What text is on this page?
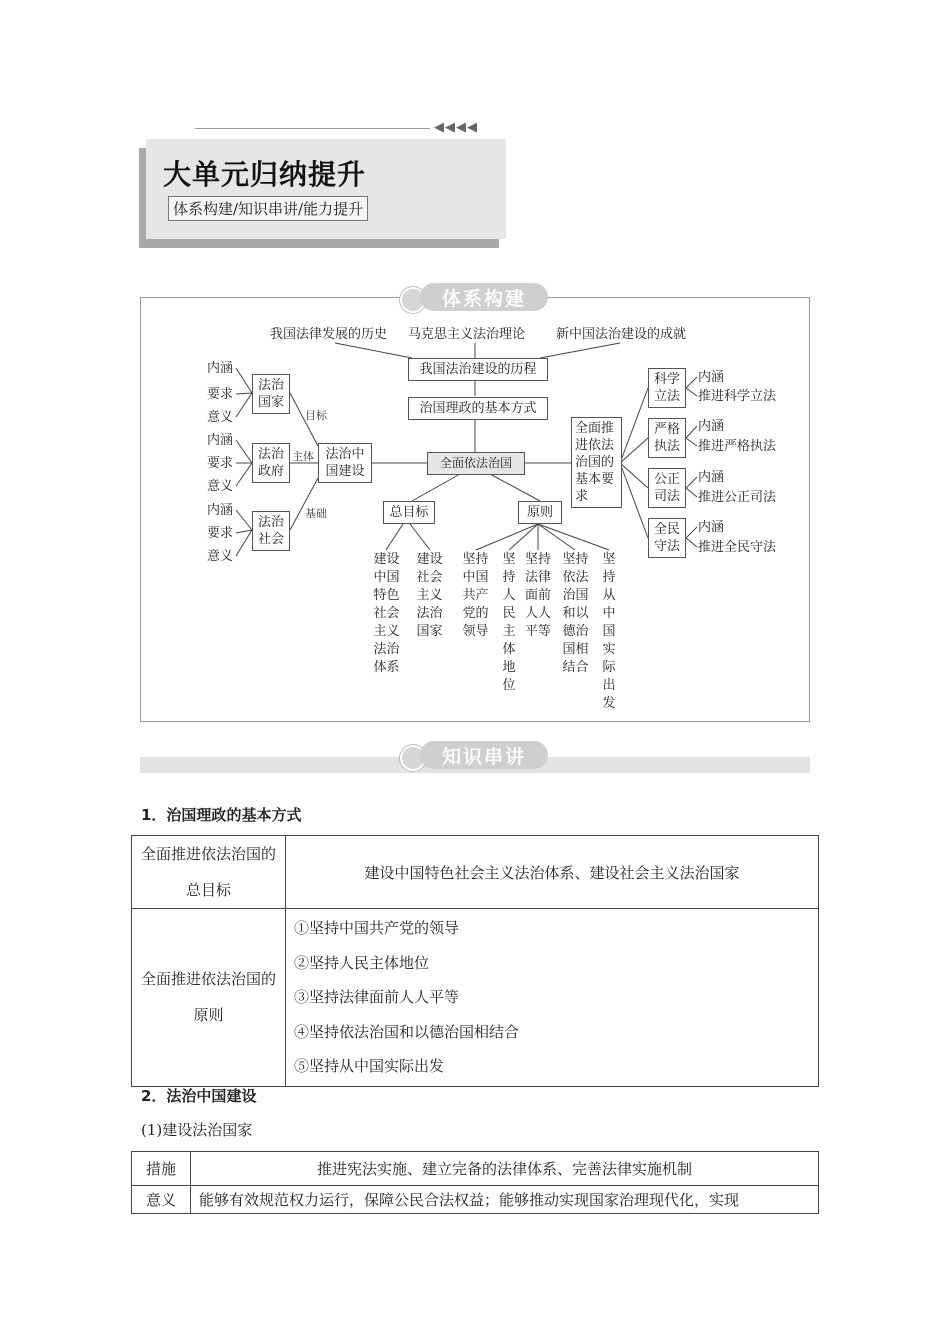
◀◀◀◀
大单元归纳提升
体系构建/知识串讲/能力提升
体系构建
我国法律发展的历史 马克思主义法治理论 新中国法治建设的成就
我国法治建设的历程
治国理政的基本方式
全面依法治国
法治中国建设
法治国家
法治政府
法治社会
目标
主体
基础
内涵
要求
意义
内涵
要求
意义
内涵
要求
意义
总目标	原则
建设中国特色社会主义法治体系
建设社会主义法治国家
坚持中国共产党的领导
坚持人民主体地位
坚持法律面前人人平等
坚持依法治国和以德治国相结合
坚持从中国实际出发
全面推进依法治国的基本要求
科学立法
严格执法
公正司法
全民守法
内涵
推进科学立法
内涵
推进严格执法
内涵
推进公正司法
内涵
推进全民守法
知识串讲
1．治国理政的基本方式
全面推进依法治国的总目标	建设中国特色社会主义法治体系、建设社会主义法治国家
全面推进依法治国的原则	①坚持中国共产党的领导
②坚持人民主体地位
③坚持法律面前人人平等
④坚持依法治国和以德治国相结合
⑤坚持从中国实际出发
2．法治中国建设
(1)建设法治国家
措施	推进宪法实施、建立完备的法律体系、完善法律实施机制
意义	能够有效规范权力运行，保障公民合法权益；能够推动实现国家治理现代化，实现
